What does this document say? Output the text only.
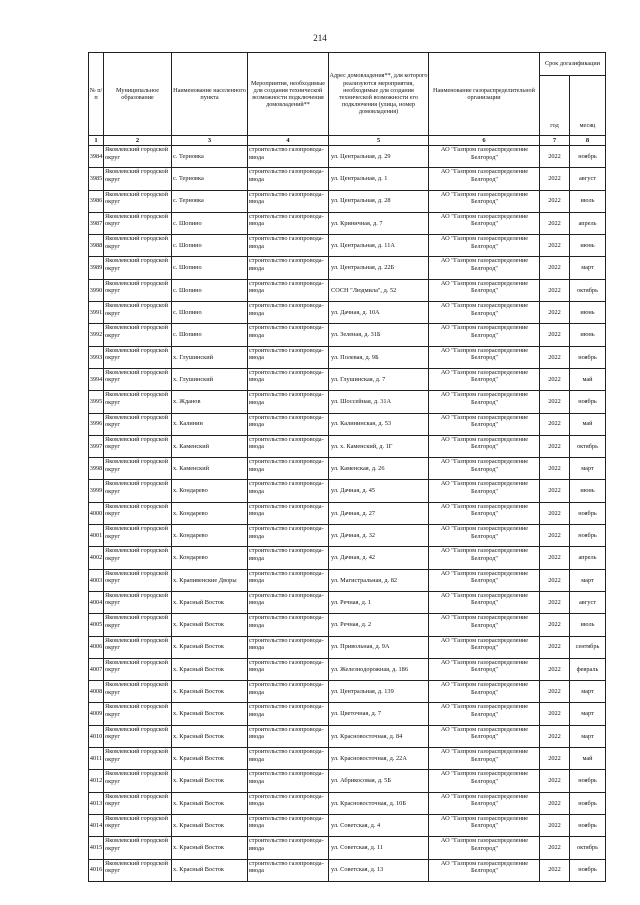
214
№ п/п	Муниципальное образование	Наименование населенного пункта	Мероприятия, необходимые для создания технической возможности подключения домовладений**	Адрес домовладения**, для которого реализуются мероприятия, необходимые для создания технической возможности его подключения (улица, номер домовладения)	Наименование газораспределительной организации	Срок догазификации	
						год	месяц
1	2	3	4	5	6	7	8
3984	Яковлевский городской округ	с. Терновка	строительство газопровода-ввода	ул. Центральная, д. 29	АО "Газпром газораспределение Белгород"	2022	ноябрь
3985	Яковлевский городской округ	с. Терновка	строительство газопровода-ввода	ул. Центральная, д. 1	АО "Газпром газораспределение Белгород"	2022	август
3986	Яковлевский городской округ	с. Терновка	строительство газопровода-ввода	ул. Центральная, д. 28	АО "Газпром газораспределение Белгород"	2022	июль
3987	Яковлевский городской округ	с. Шопино	строительство газопровода-ввода	ул. Криничная, д. 7	АО "Газпром газораспределение Белгород"	2022	апрель
3988	Яковлевский городской округ	с. Шопино	строительство газопровода-ввода	ул. Центральная, д. 11А	АО "Газпром газораспределение Белгород"	2022	июнь
3989	Яковлевский городской округ	с. Шопино	строительство газопровода-ввода	ул. Центральная, д. 22Б	АО "Газпром газораспределение Белгород"	2022	март
3990	Яковлевский городской округ	с. Шопино	строительство газопровода-ввода	СОСН "Людмила", д. 52	АО "Газпром газораспределение Белгород"	2022	октябрь
3991	Яковлевский городской округ	с. Шопино	строительство газопровода-ввода	ул. Дачная, д. 10А	АО "Газпром газораспределение Белгород"	2022	июнь
3992	Яковлевский городской округ	с. Шопино	строительство газопровода-ввода	ул. Зеленая, д. 31Б	АО "Газпром газораспределение Белгород"	2022	июнь
3993	Яковлевский городской округ	х. Глушинский	строительство газопровода-ввода	ул. Полевая, д. 9Б	АО "Газпром газораспределение Белгород"	2022	ноябрь
3994	Яковлевский городской округ	х. Глушинский	строительство газопровода-ввода	ул. Глушинская, д. 7	АО "Газпром газораспределение Белгород"	2022	май
3995	Яковлевский городской округ	х. Жданов	строительство газопровода-ввода	ул. Шоссейная, д. 31А	АО "Газпром газораспределение Белгород"	2022	ноябрь
3996	Яковлевский городской округ	х. Калинин	строительство газопровода-ввода	ул. Калининская, д. 53	АО "Газпром газораспределение Белгород"	2022	май
3997	Яковлевский городской округ	х. Каменский	строительство газопровода-ввода	ул. х. Каменский, д. 1Г	АО "Газпром газораспределение Белгород"	2022	октябрь
3998	Яковлевский городской округ	х. Каменский	строительство газопровода-ввода	ул. Каменская, д. 26	АО "Газпром газораспределение Белгород"	2022	март
3999	Яковлевский городской округ	х. Кондарево	строительство газопровода-ввода	ул. Дачная, д. 45	АО "Газпром газораспределение Белгород"	2022	июнь
4000	Яковлевский городской округ	х. Кондарево	строительство газопровода-ввода	ул. Дачная, д. 27	АО "Газпром газораспределение Белгород"	2022	ноябрь
4001	Яковлевский городской округ	х. Кондарево	строительство газопровода-ввода	ул. Дачная, д. 32	АО "Газпром газораспределение Белгород"	2022	ноябрь
4002	Яковлевский городской округ	х. Кондарево	строительство газопровода-ввода	ул. Дачная, д. 42	АО "Газпром газораспределение Белгород"	2022	апрель
4003	Яковлевский городской округ	х. Крапивенские Дворы	строительство газопровода-ввода	ул. Магистральная, д. 82	АО "Газпром газораспределение Белгород"	2022	март
4004	Яковлевский городской округ	х. Красный Восток	строительство газопровода-ввода	ул. Речная, д. 1	АО "Газпром газораспределение Белгород"	2022	август
4005	Яковлевский городской округ	х. Красный Восток	строительство газопровода-ввода	ул. Речная, д. 2	АО "Газпром газораспределение Белгород"	2022	июль
4006	Яковлевский городской округ	х. Красный Восток	строительство газопровода-ввода	ул. Привольная, д. 9А	АО "Газпром газораспределение Белгород"	2022	сентябрь
4007	Яковлевский городской округ	х. Красный Восток	строительство газопровода-ввода	ул. Железнодорожная, д. 186	АО "Газпром газораспределение Белгород"	2022	февраль
4008	Яковлевский городской округ	х. Красный Восток	строительство газопровода-ввода	ул. Центральная, д. 139	АО "Газпром газораспределение Белгород"	2022	март
4009	Яковлевский городской округ	х. Красный Восток	строительство газопровода-ввода	ул. Цветочная, д. 7	АО "Газпром газораспределение Белгород"	2022	март
4010	Яковлевский городской округ	х. Красный Восток	строительство газопровода-ввода	ул. Красновосточная, д. 84	АО "Газпром газораспределение Белгород"	2022	март
4011	Яковлевский городской округ	х. Красный Восток	строительство газопровода-ввода	ул. Красновосточная, д. 22А	АО "Газпром газораспределение Белгород"	2022	май
4012	Яковлевский городской округ	х. Красный Восток	строительство газопровода-ввода	ул. Абрикосовая, д. 5Б	АО "Газпром газораспределение Белгород"	2022	ноябрь
4013	Яковлевский городской округ	х. Красный Восток	строительство газопровода-ввода	ул. Красновосточная, д. 10Б	АО "Газпром газораспределение Белгород"	2022	ноябрь
4014	Яковлевский городской округ	х. Красный Восток	строительство газопровода-ввода	ул. Советская, д. 4	АО "Газпром газораспределение Белгород"	2022	ноябрь
4015	Яковлевский городской округ	х. Красный Восток	строительство газопровода-ввода	ул. Советская, д. 11	АО "Газпром газораспределение Белгород"	2022	октябрь
4016	Яковлевский городской округ	х. Красный Восток	строительство газопровода-ввода	ул. Советская, д. 13	АО "Газпром газораспределение Белгород"	2022	ноябрь
